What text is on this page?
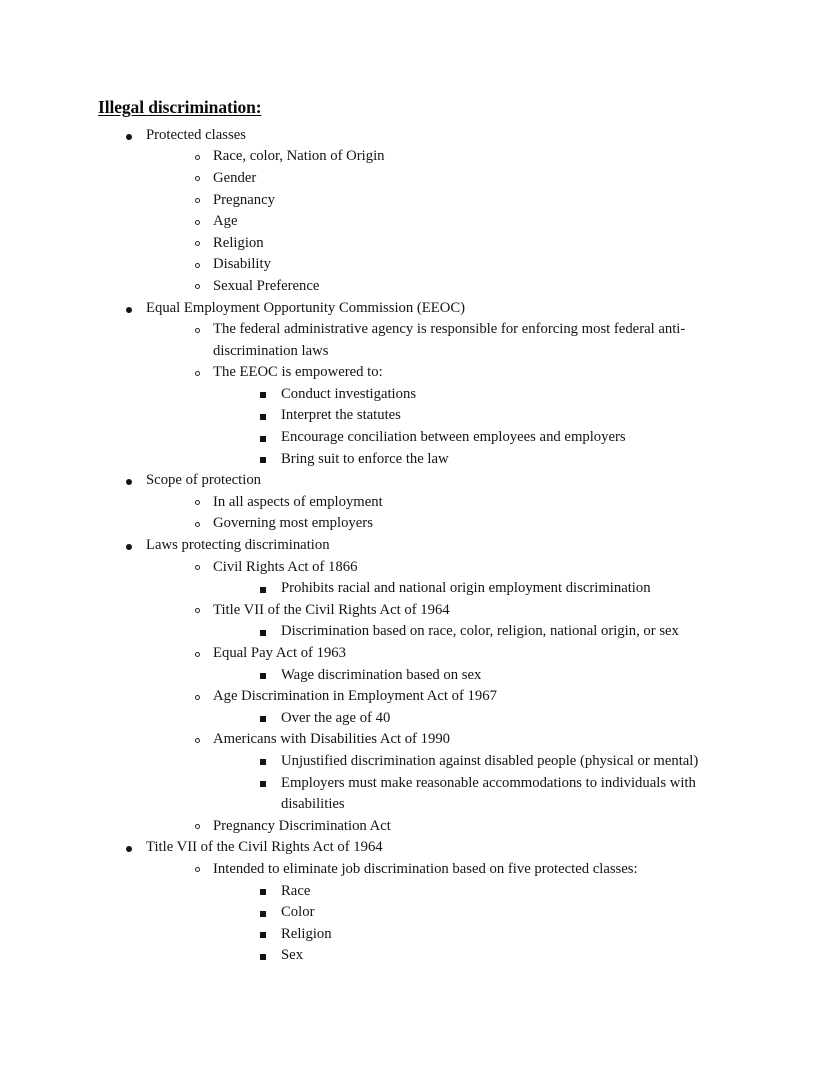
Illegal discrimination:
Protected classes
Race, color, Nation of Origin
Gender
Pregnancy
Age
Religion
Disability
Sexual Preference
Equal Employment Opportunity Commission (EEOC)
The federal administrative agency is responsible for enforcing most federal anti-discrimination laws
The EEOC is empowered to:
Conduct investigations
Interpret the statutes
Encourage conciliation between employees and employers
Bring suit to enforce the law
Scope of protection
In all aspects of employment
Governing most employers
Laws protecting discrimination
Civil Rights Act of 1866
Prohibits racial and national origin employment discrimination
Title VII of the Civil Rights Act of 1964
Discrimination based on race, color, religion, national origin, or sex
Equal Pay Act of 1963
Wage discrimination based on sex
Age Discrimination in Employment Act of 1967
Over the age of 40
Americans with Disabilities Act of 1990
Unjustified discrimination against disabled people (physical or mental)
Employers must make reasonable accommodations to individuals with disabilities
Pregnancy Discrimination Act
Title VII of the Civil Rights Act of 1964
Intended to eliminate job discrimination based on five protected classes:
Race
Color
Religion
Sex
